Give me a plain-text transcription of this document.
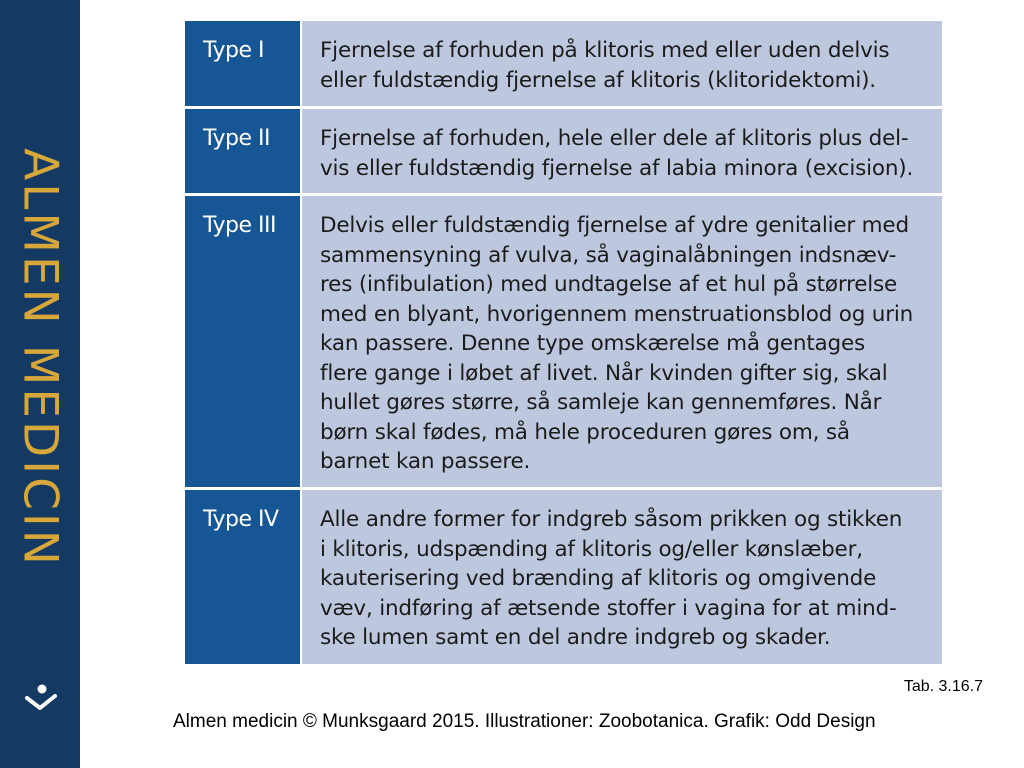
ALMEN MEDICIN
Type I	Fjernelse af forhuden på klitoris med eller uden delvis
eller fuldstændig fjernelse af klitoris (klitoridektomi).
Type II	Fjernelse af forhuden, hele eller dele af klitoris plus del-
vis eller fuldstændig fjernelse af labia minora (excision).
Type III	Delvis eller fuldstændig fjernelse af ydre genitalier med
sammensyning af vulva, så vaginalåbningen indsnæv-
res (infibulation) med undtagelse af et hul på størrelse
med en blyant, hvorigennem menstruationsblod og urin
kan passere. Denne type omskærelse må gentages
flere gange i løbet af livet. Når kvinden gifter sig, skal
hullet gøres større, så samleje kan gennemføres. Når
børn skal fødes, må hele proceduren gøres om, så
barnet kan passere.
Type IV	Alle andre former for indgreb såsom prikken og stikken
i klitoris, udspænding af klitoris og/eller kønslæber,
kauterisering ved brænding af klitoris og omgivende
væv, indføring af ætsende stoffer i vagina for at mind-
ske lumen samt en del andre indgreb og skader.
Tab. 3.16.7
Almen medicin © Munksgaard 2015. Illustrationer: Zoobotanica. Grafik: Odd Design
